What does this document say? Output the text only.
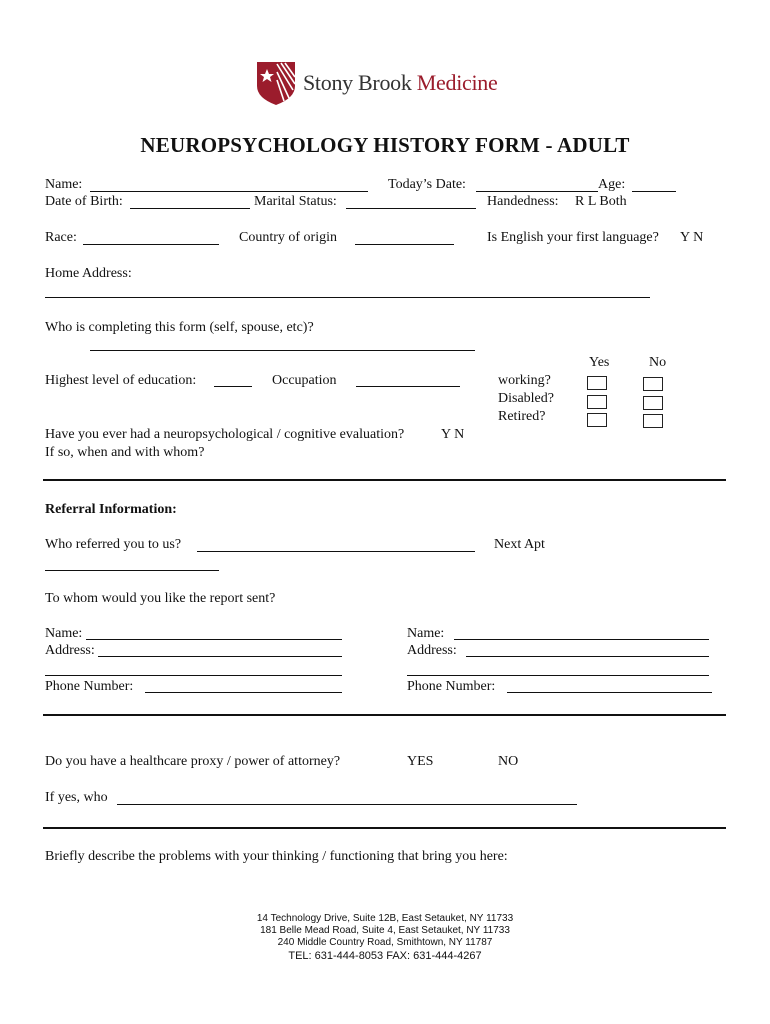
Stony Brook Medicine
NEUROPSYCHOLOGY HISTORY FORM - ADULT
Name:	Today’s Date:	Age:
Date of Birth:	Marital Status:	Handedness: R L Both
Race:	Country of origin	Is English your first language? Y N
Home Address:
Who is completing this form (self, spouse, etc)?
Yes	No
Highest level of education:	Occupation	working?
Disabled?
Retired?
Have you ever had a neuropsychological / cognitive evaluation?	Y N
If so, when and with whom?
Referral Information:
Who referred you to us?	Next Apt
To whom would you like the report sent?
Name:
Address:
Phone Number:
Name:
Address:
Phone Number:
Do you have a healthcare proxy / power of attorney?	YES	NO
If yes, who
Briefly describe the problems with your thinking / functioning that bring you here:
14 Technology Drive, Suite 12B, East Setauket, NY 11733
181 Belle Mead Road, Suite 4, East Setauket, NY 11733
240 Middle Country Road, Smithtown, NY 11787
TEL: 631-444-8053 FAX: 631-444-4267
